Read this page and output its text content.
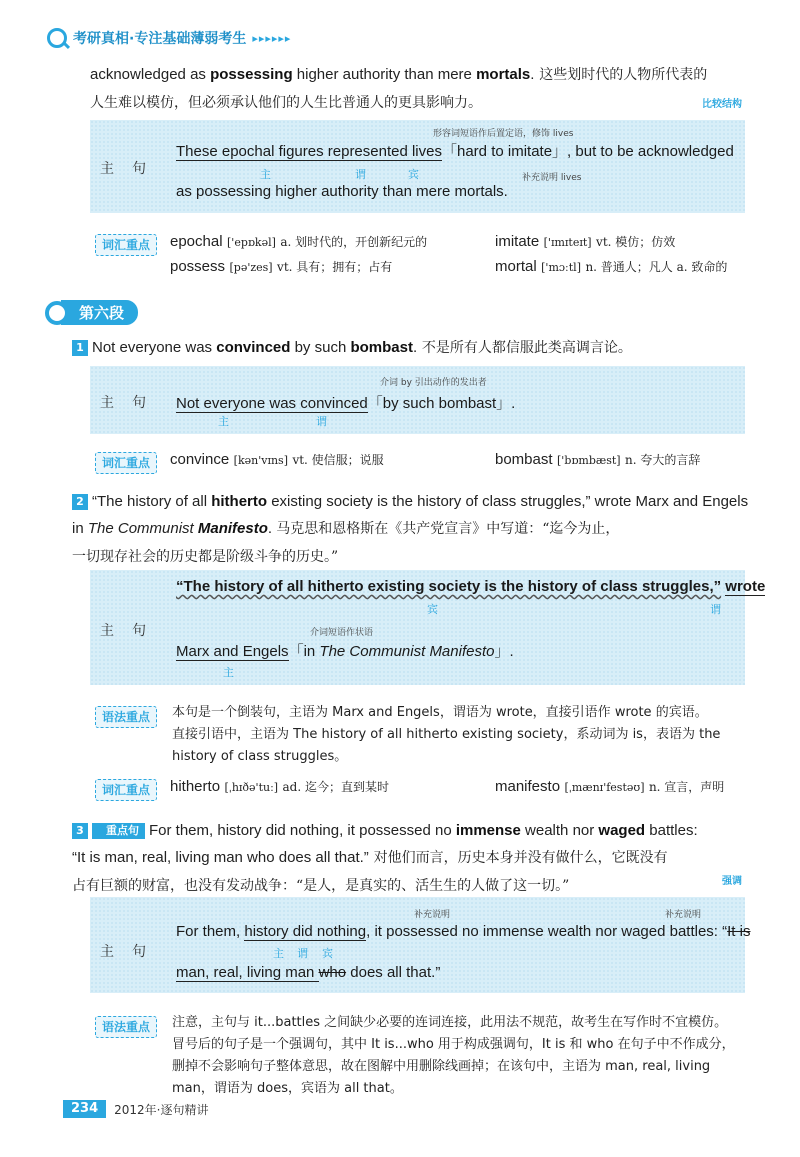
考研真相·专注基础薄弱考生 ▸▸▸▸▸▸
acknowledged as possessing higher authority than mere mortals. 这些划时代的人物所代表的
人生难以模仿，但必须承认他们的人生比普通人的更具影响力。	比较结构
主句
形容词短语作后置定语，修饰 lives
These epochal figures represented lives「hard to imitate」, but to be acknowledged
主	谓	宾	补充说明 lives
as possessing higher authority than mere mortals.
词汇重点	epochal ['epɒkəl] a. 划时代的，开创新纪元的	imitate ['ɪmɪteɪt] vt. 模仿；仿效
possess [pə'zes] vt. 具有；拥有；占有	mortal ['mɔːtl] n. 普通人；凡人 a. 致命的
第六段
1 Not everyone was convinced by such bombast. 不是所有人都信服此类高调言论。
主句
介词 by 引出动作的发出者
Not everyone was convinced「by such bombast」.
主	谓
词汇重点	convince [kən'vɪns] vt. 使信服；说服	bombast ['bɒmbæst] n. 夸大的言辞
2 “The history of all hitherto existing society is the history of class struggles,” wrote Marx and Engels in The Communist Manifesto. 马克思和恩格斯在《共产党宣言》中写道：“迄今为止，
一切现存社会的历史都是阶级斗争的历史。”
主句
“The history of all hitherto existing society is the history of class struggles,” wrote
宾	谓
介词短语作状语
Marx and Engels「in The Communist Manifesto」.
主
语法重点	本句是一个倒装句，主语为 Marx and Engels，谓语为 wrote，直接引语作 wrote 的宾语。
直接引语中，主语为 The history of all hitherto existing society，系动词为 is，表语为 the
history of class struggles。
词汇重点	hitherto [ˌhɪðə'tuː] ad. 迄今；直到某时	manifesto [ˌmænɪ'festəʊ] n. 宣言，声明
3 重点句 For them, history did nothing, it possessed no immense wealth nor waged battles:
“It is man, real, living man who does all that.” 对他们而言，历史本身并没有做什么，它既没有
占有巨额的财富，也没有发动战争：“是人，是真实的、活生生的人做了这一切。”	强调
主句
补充说明	补充说明
For them, history did nothing, it possessed no immense wealth nor waged battles: “It is
主 谓 宾
man, real, living man who does all that.”
语法重点	注意，主句与 it...battles 之间缺少必要的连词连接，此用法不规范，故考生在写作时不宜模仿。
冒号后的句子是一个强调句，其中 It is...who 用于构成强调句，It is 和 who 在句子中不作成分，
删掉不会影响句子整体意思，故在图解中用删除线画掉；在该句中，主语为 man, real, living
man，谓语为 does，宾语为 all that。
234	2012年·逐句精讲
